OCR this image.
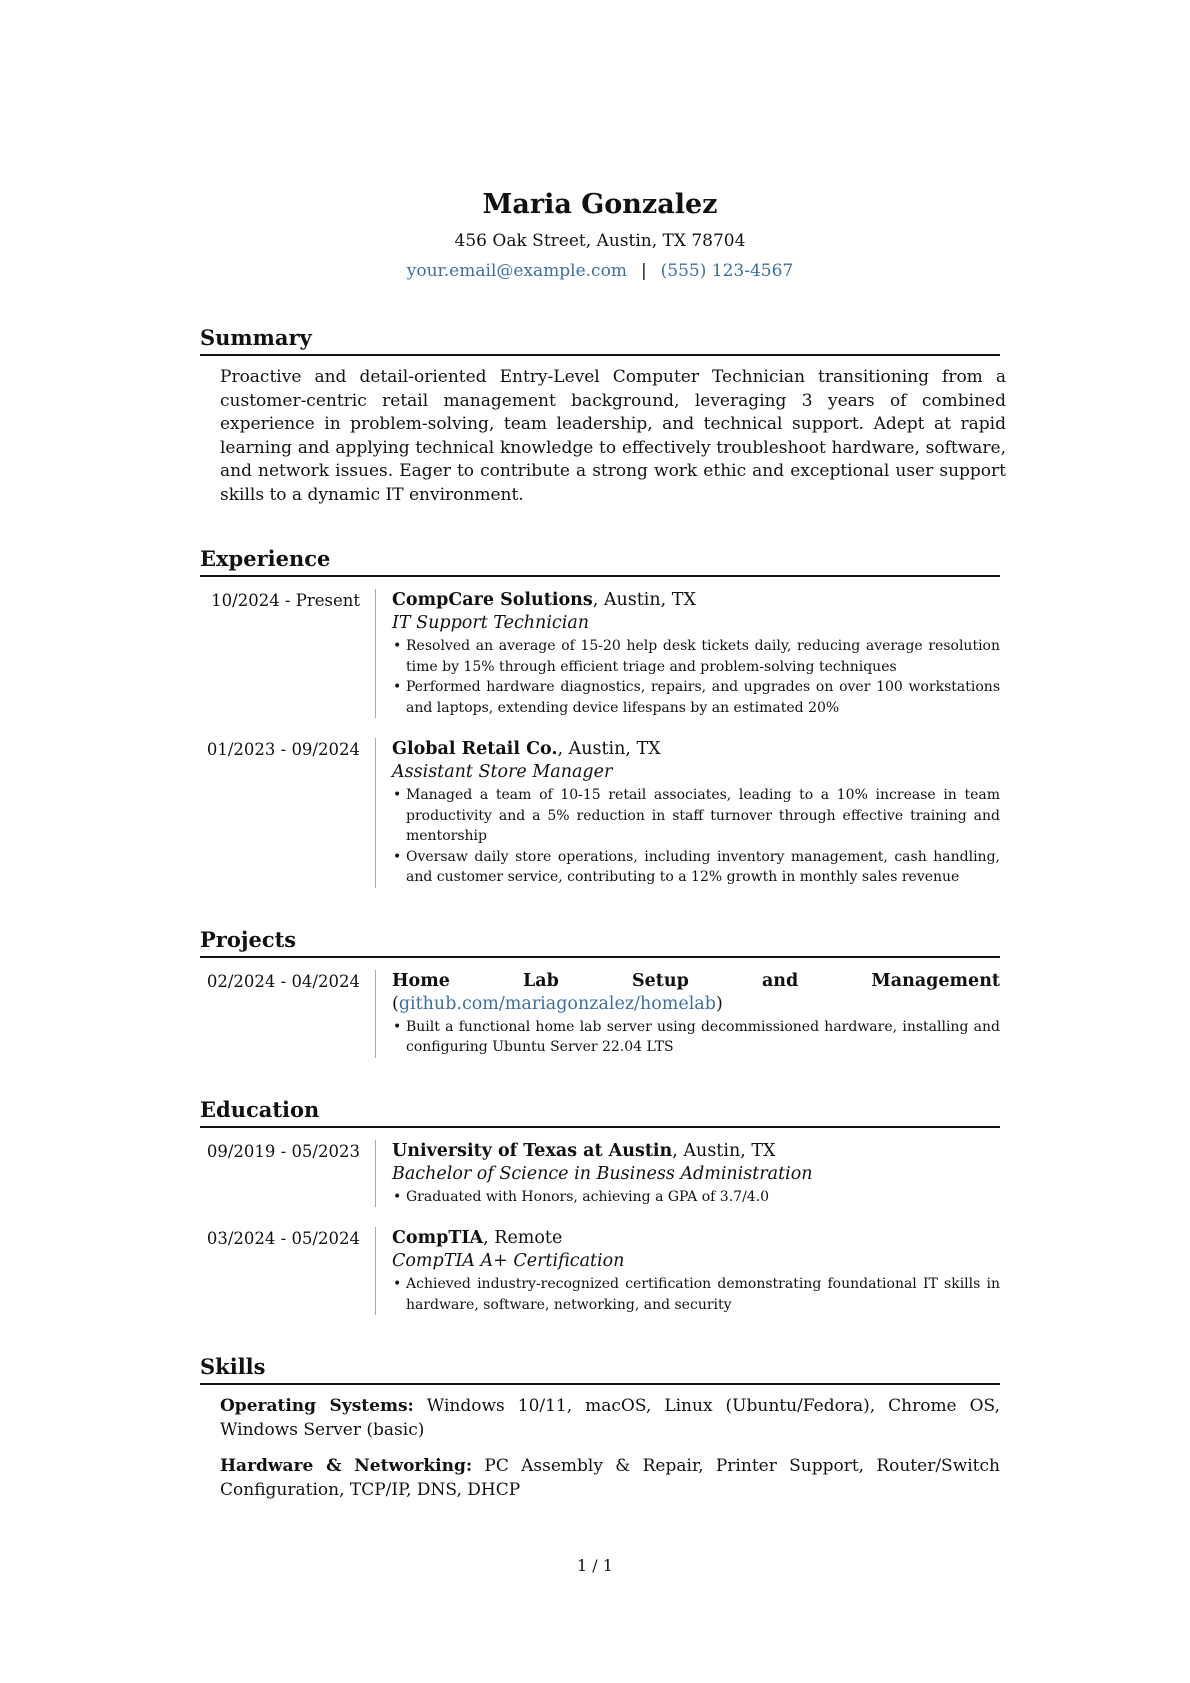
Maria Gonzalez
456 Oak Street, Austin, TX 78704
your.email@example.com | (555) 123-4567
Summary
Proactive and detail-oriented Entry-Level Computer Technician transitioning from a customer-centric retail management background, leveraging 3 years of combined experience in problem-solving, team leadership, and technical support. Adept at rapid learning and applying technical knowledge to effectively troubleshoot hardware, software, and network issues. Eager to contribute a strong work ethic and exceptional user support skills to a dynamic IT environment.
Experience
10/2024 - Present	CompCare Solutions, Austin, TX
IT Support Technician
• Resolved an average of 15-20 help desk tickets daily, reducing average resolution time by 15% through efficient triage and problem-solving techniques
• Performed hardware diagnostics, repairs, and upgrades on over 100 workstations and laptops, extending device lifespans by an estimated 20%
01/2023 - 09/2024	Global Retail Co., Austin, TX
Assistant Store Manager
• Managed a team of 10-15 retail associates, leading to a 10% increase in team productivity and a 5% reduction in staff turnover through effective training and mentorship
• Oversaw daily store operations, including inventory management, cash handling, and customer service, contributing to a 12% growth in monthly sales revenue
Projects
02/2024 - 04/2024	Home Lab Setup and Management (github.com/mariagonzalez/homelab)
• Built a functional home lab server using decommissioned hardware, installing and configuring Ubuntu Server 22.04 LTS
Education
09/2019 - 05/2023	University of Texas at Austin, Austin, TX
Bachelor of Science in Business Administration
• Graduated with Honors, achieving a GPA of 3.7/4.0
03/2024 - 05/2024	CompTIA, Remote
CompTIA A+ Certification
• Achieved industry-recognized certification demonstrating foundational IT skills in hardware, software, networking, and security
Skills
Operating Systems: Windows 10/11, macOS, Linux (Ubuntu/Fedora), Chrome OS, Windows Server (basic)
Hardware & Networking: PC Assembly & Repair, Printer Support, Router/Switch Configuration, TCP/IP, DNS, DHCP
1 / 1
